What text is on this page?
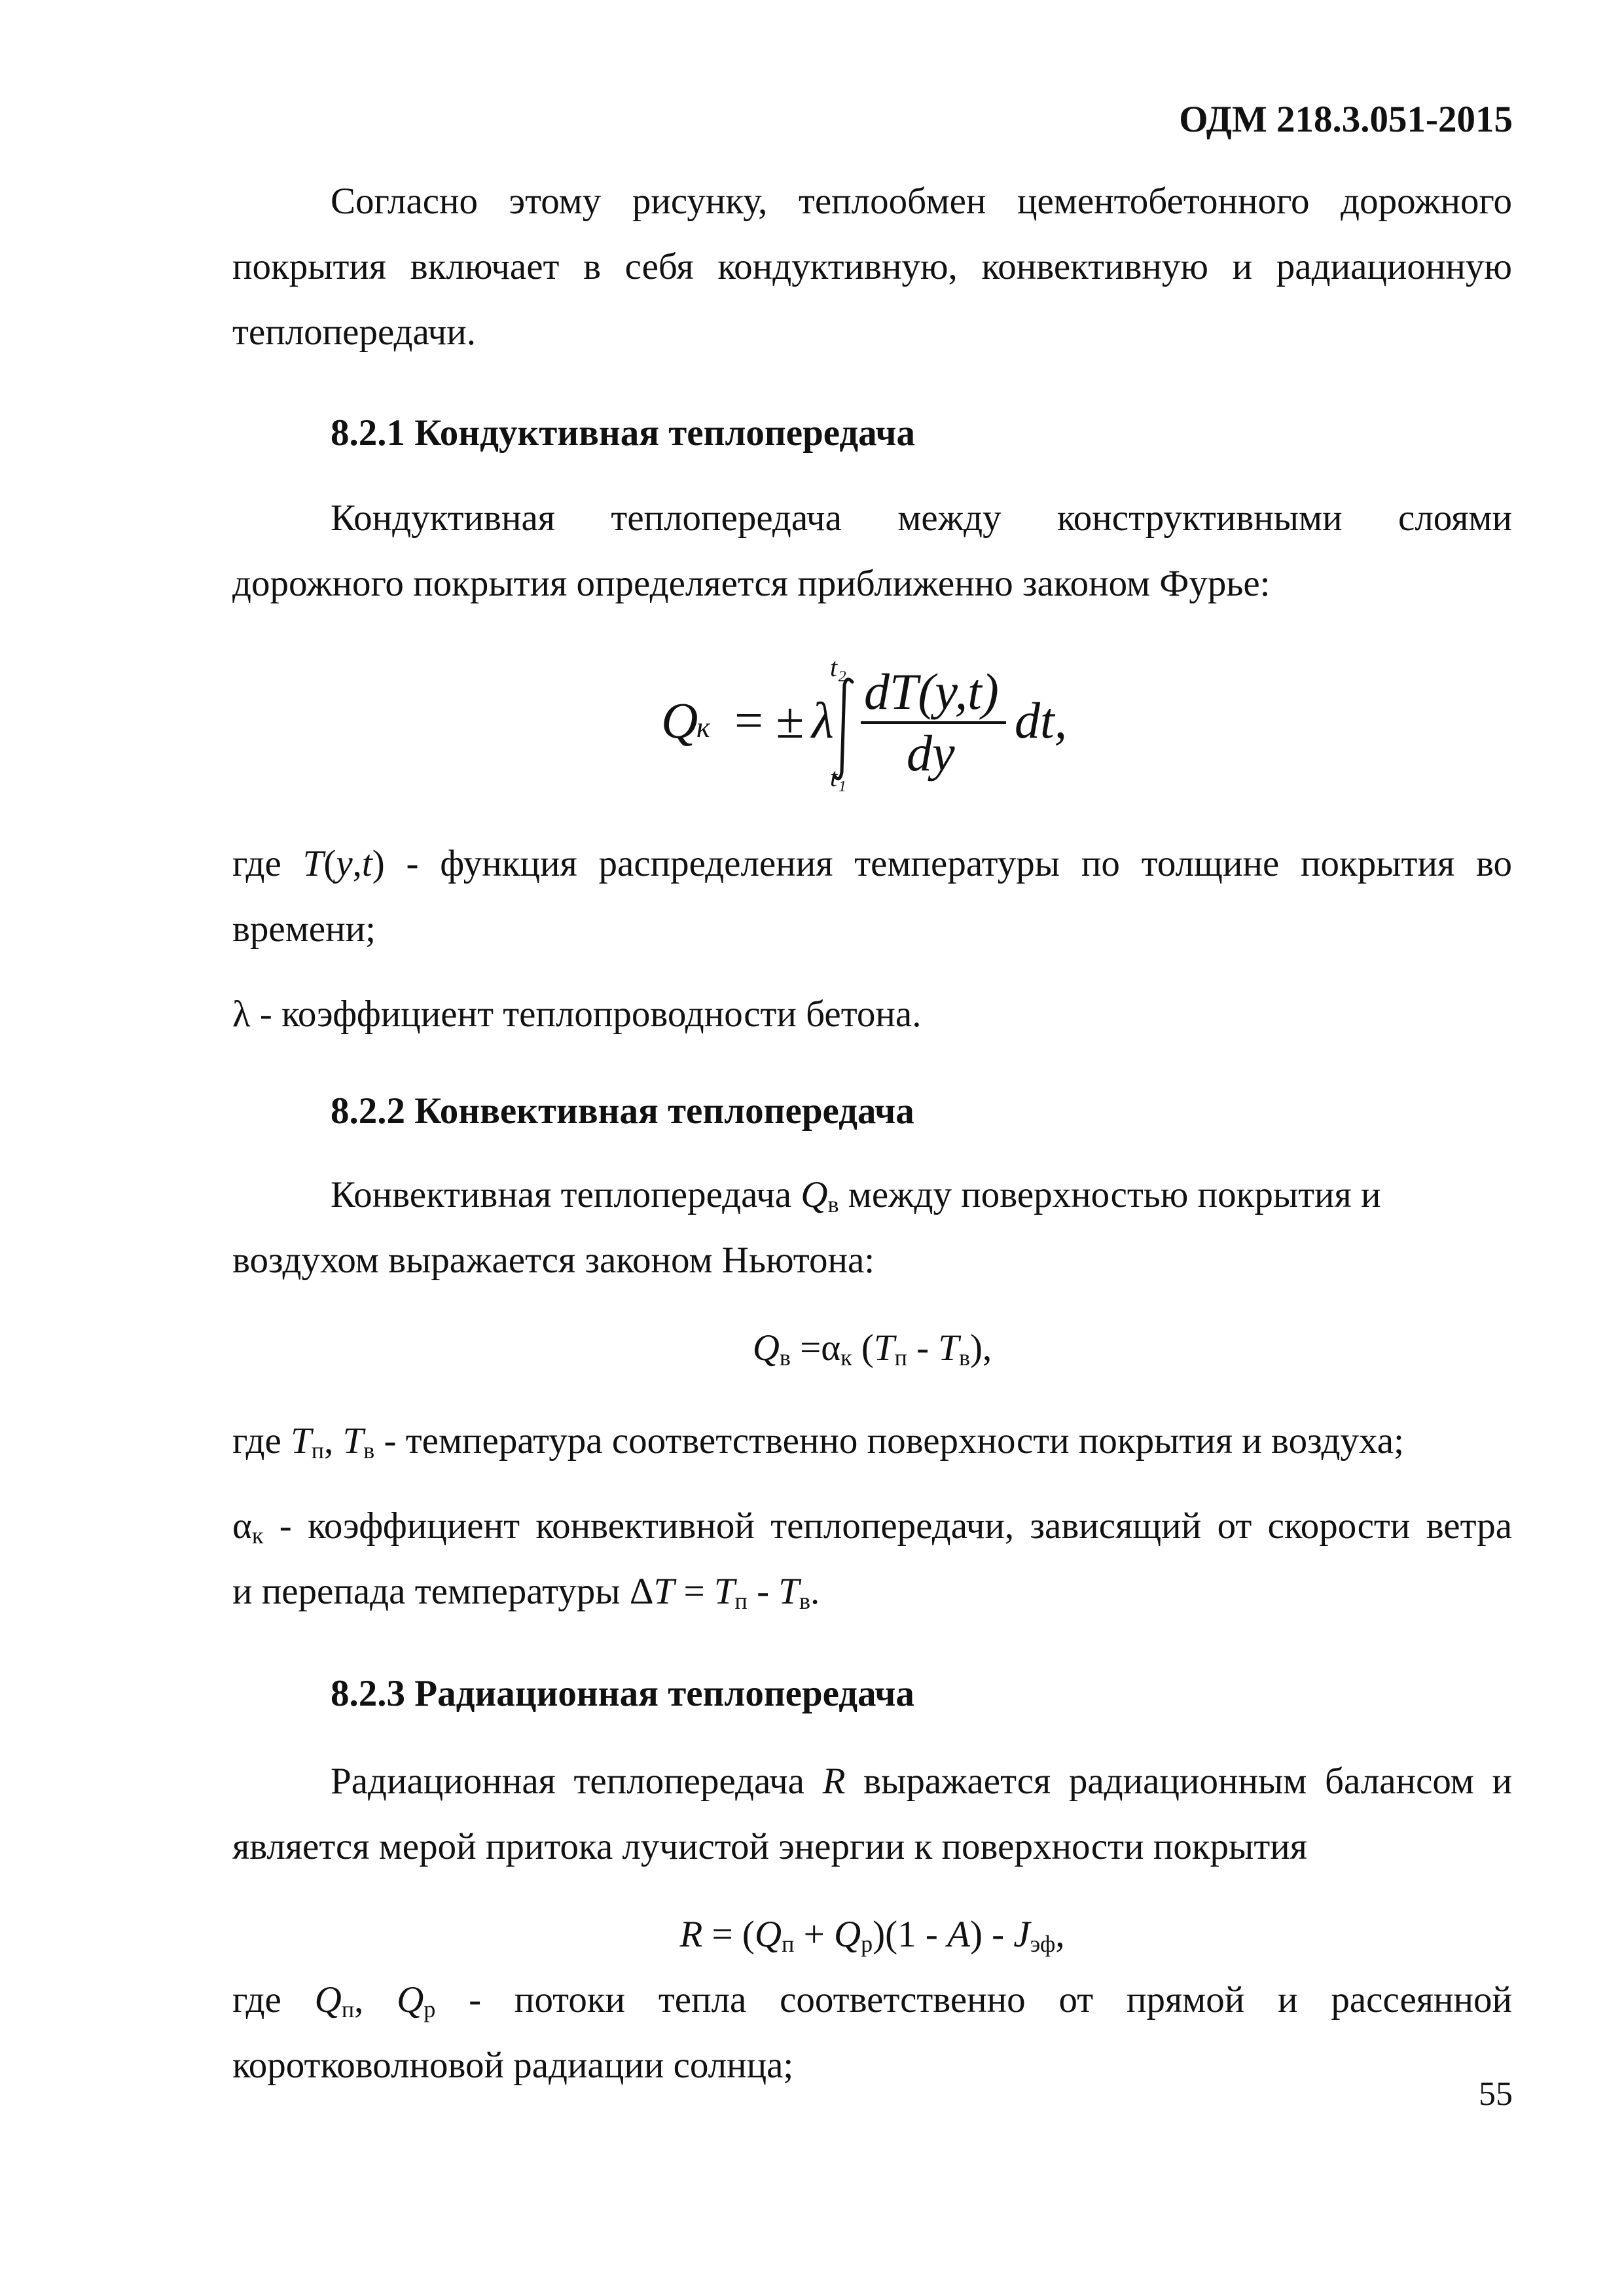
ОДМ 218.3.051-2015

Согласно этому рисунку, теплообмен цементобетонного дорожного

покрытия включает в себя кондуктивную, конвективную и радиационную

теплопередачи.

8.2.1 Кондуктивная теплопередача

Кондуктивная теплопередача между конструктивными слоями

дорожного покрытия определяется приближенно законом Фурье:

Q
к = ± λ
t₂
t₁
dT(y,t)
dy
dt,

где T(y,t) - функция распределения температуры по толщине покрытия во

времени;

λ - коэффициент теплопроводности бетона.

8.2.2 Конвективная теплопередача

Конвективная теплопередача $Q_в$ между поверхностью покрытия и

воздухом выражается законом Ньютона:

$Q_в =\alpha_к$ $(T_п - T_в)$,

где $T_п$, $T_в$ - температура соответственно поверхности покрытия и воздуха;

$\alpha_к$ - коэффициент конвективной теплопередачи, зависящий от скорости ветра

и перепада температуры $\Delta T = T_п - T_в$.

8.2.3 Радиационная теплопередача

Радиационная теплопередача R выражается радиационным балансом и

является мерой притока лучистой энергии к поверхности покрытия

$R = (Q_п + Q_р)(1 - A) - J_{эф}$,

где $Q_п$, $Q_р$ - потоки тепла соответственно от прямой и рассеянной

коротковолновой радиации солнца;

55
